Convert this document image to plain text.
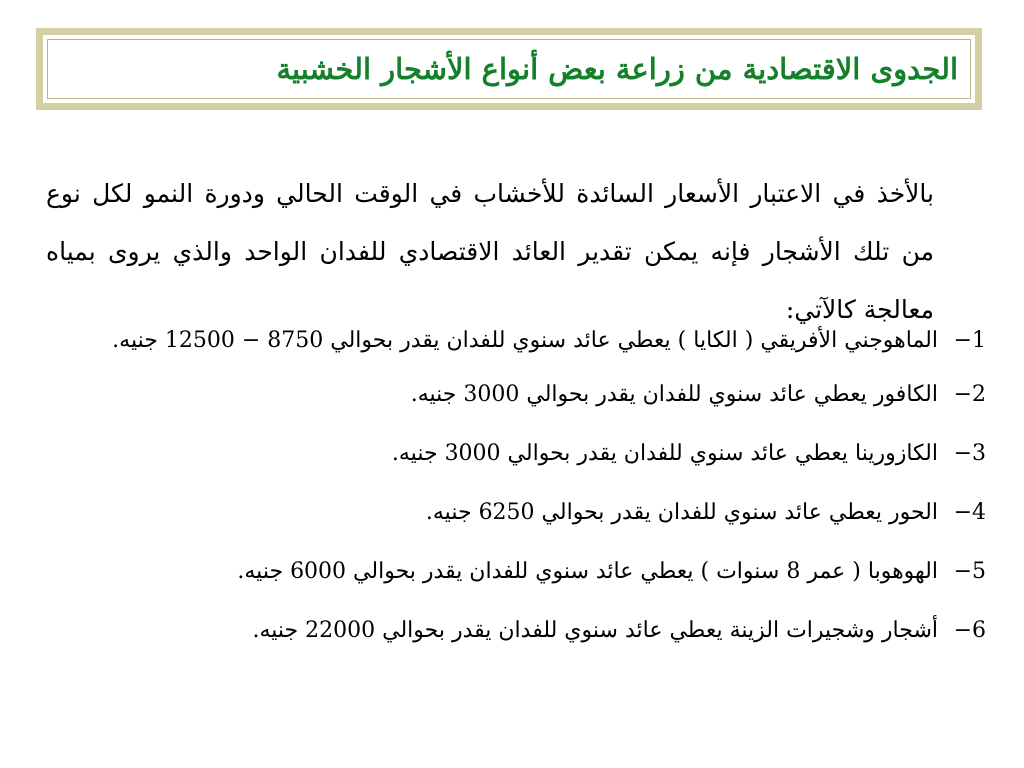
الجدوى الاقتصادية من زراعة بعض أنواع الأشجار الخشبية

بالأخذ في الاعتبار الأسعار السائدة للأخشاب في الوقت الحالي ودورة النمو لكل نوع من تلك الأشجار فإنه يمكن تقدير العائد الاقتصادي للفدان الواحد والذي يروى بمياه معالجة كالآتي:

1−
الماهوجني الأفريقي ( الكايا ) يعطي عائد سنوي للفدان يقدر بحوالي 8750 − 12500 جنيه.
2−
الكافور يعطي عائد سنوي للفدان يقدر بحوالي 3000 جنيه.
3−
الكازورينا يعطي عائد سنوي للفدان يقدر بحوالي 3000 جنيه.
4−
الحور يعطي عائد سنوي للفدان يقدر بحوالي 6250 جنيه.
5−
الهوهوبا ( عمر 8 سنوات ) يعطي عائد سنوي للفدان يقدر بحوالي 6000 جنيه.
6−
أشجار وشجيرات الزينة يعطي عائد سنوي للفدان يقدر بحوالي 22000 جنيه.
